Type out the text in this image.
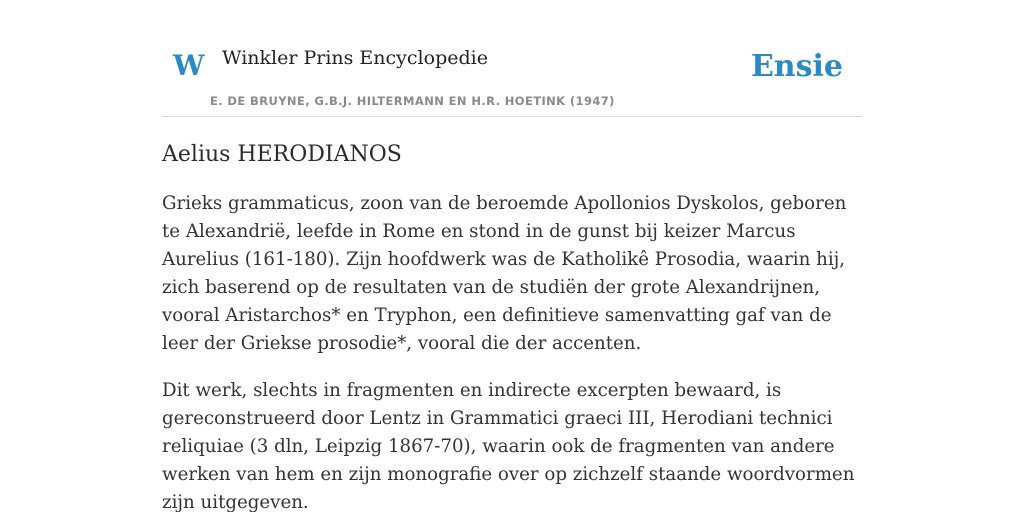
W Winkler Prins Encyclopedie
E. DE BRUYNE, G.B.J. HILTERMANN EN H.R. HOETINK (1947)
Ensie
Aelius HERODIANOS

Grieks grammaticus, zoon van de beroemde Apollonios Dyskolos, geboren te Alexandrië, leefde in Rome en stond in de gunst bij keizer Marcus Aurelius (161-180). Zijn hoofdwerk was de Katholikê Prosodia, waarin hij, zich baserend op de resultaten van de studiën der grote Alexandrijnen, vooral Aristarchos* en Tryphon, een definitieve samenvatting gaf van de leer der Griekse prosodie*, vooral die der accenten.

Dit werk, slechts in fragmenten en indirecte excerpten bewaard, is gereconstrueerd door Lentz in Grammatici graeci III, Herodiani technici reliquiae (3 dln, Leipzig 1867-70), waarin ook de fragmenten van andere werken van hem en zijn monografie over op zichzelf staande woordvormen zijn uitgegeven.
